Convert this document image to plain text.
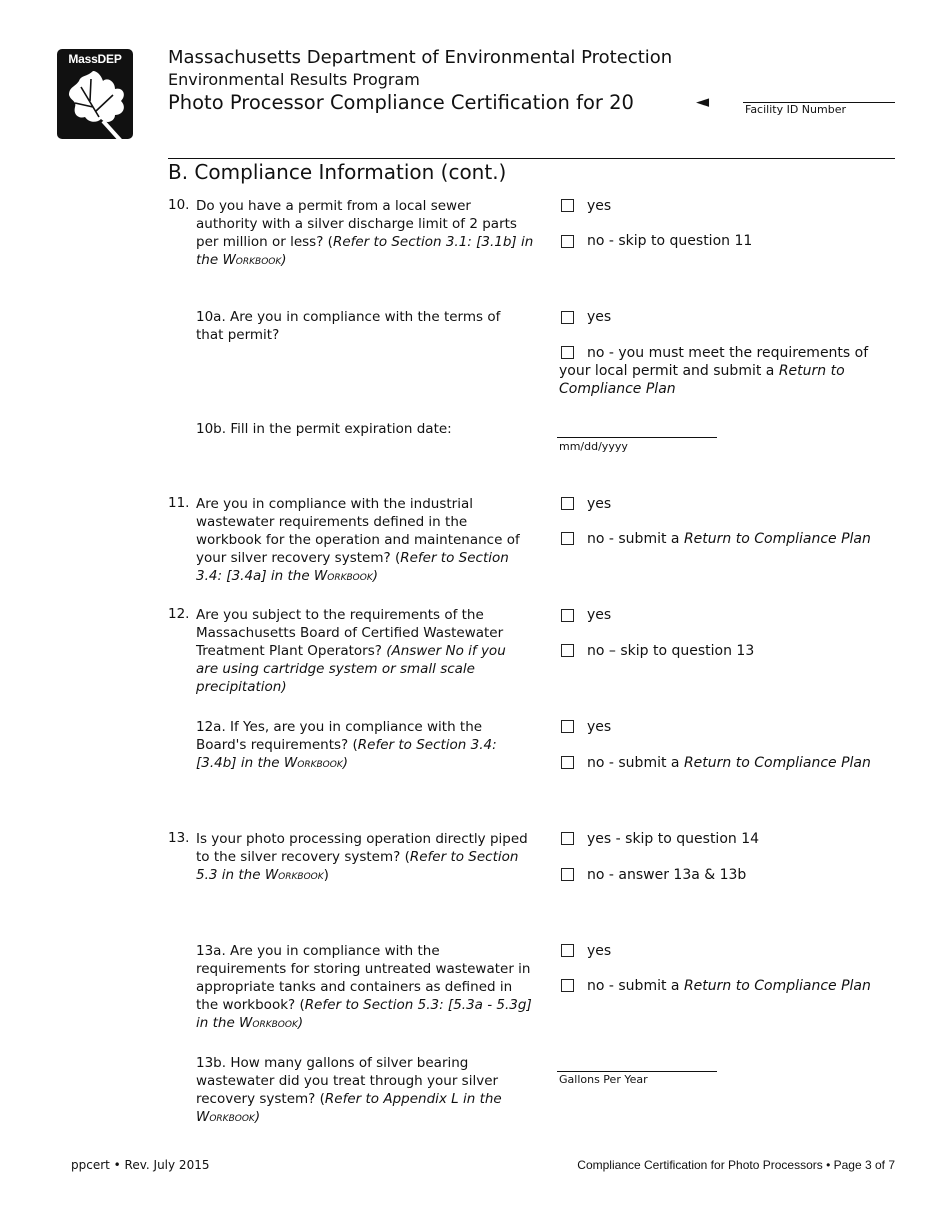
MassDEP	Massachusetts Department of Environmental Protection
Environmental Results Program
Photo Processor Compliance Certification for 20	◄	Facility ID Number
B. Compliance Information (cont.)
10. Do you have a permit from a local sewer authority with a silver discharge limit of 2 parts per million or less? (Refer to Section 3.1: [3.1b] in the Workbook)
yes
no - skip to question 11
10a. Are you in compliance with the terms of that permit?
yes
no - you must meet the requirements of your local permit and submit a Return to Compliance Plan
10b. Fill in the permit expiration date:
mm/dd/yyyy
11. Are you in compliance with the industrial wastewater requirements defined in the workbook for the operation and maintenance of your silver recovery system? (Refer to Section 3.4: [3.4a] in the Workbook)
yes
no - submit a Return to Compliance Plan
12. Are you subject to the requirements of the Massachusetts Board of Certified Wastewater Treatment Plant Operators? (Answer No if you are using cartridge system or small scale precipitation)
yes
no – skip to question 13
12a. If Yes, are you in compliance with the Board's requirements? (Refer to Section 3.4: [3.4b] in the Workbook)
yes
no - submit a Return to Compliance Plan
13. Is your photo processing operation directly piped to the silver recovery system? (Refer to Section 5.3 in the Workbook)
yes - skip to question 14
no - answer 13a & 13b
13a. Are you in compliance with the requirements for storing untreated wastewater in appropriate tanks and containers as defined in the workbook? (Refer to Section 5.3: [5.3a - 5.3g] in the Workbook)
yes
no - submit a Return to Compliance Plan
13b. How many gallons of silver bearing wastewater did you treat through your silver recovery system? (Refer to Appendix L in the Workbook)
Gallons Per Year
ppcert • Rev. July 2015	Compliance Certification for Photo Processors • Page 3 of 7
